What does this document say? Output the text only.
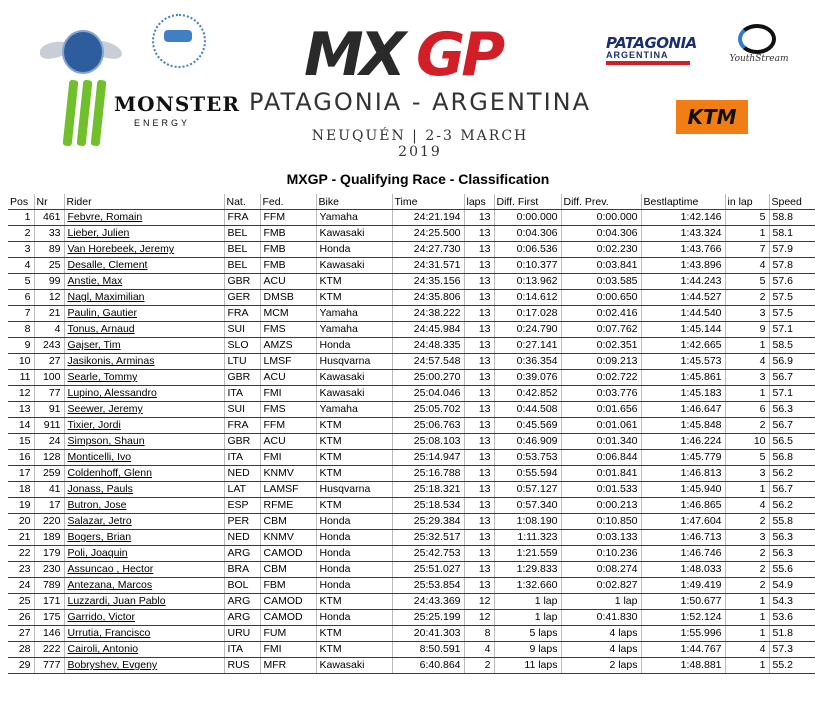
MONSTER
ENERGY
MX GP
PATAGONIA - ARGENTINA
NEUQUÉN | 2-3 MARCH 2019
PATAGONIA
ARGENTINA	YouthStream
KTM
MXGP - Qualifying Race - Classification
Pos	Nr	Rider	Nat.	Fed.	Bike	Time	laps	Diff. First	Diff. Prev.	Bestlaptime	in lap	Speed
1	461	Febvre, Romain	FRA	FFM	Yamaha	24:21.194	13	0:00.000	0:00.000	1:42.146	5	58.8
2	33	Lieber, Julien	BEL	FMB	Kawasaki	24:25.500	13	0:04.306	0:04.306	1:43.324	1	58.1
3	89	Van Horebeek, Jeremy	BEL	FMB	Honda	24:27.730	13	0:06.536	0:02.230	1:43.766	7	57.9
4	25	Desalle, Clement	BEL	FMB	Kawasaki	24:31.571	13	0:10.377	0:03.841	1:43.896	4	57.8
5	99	Anstie, Max	GBR	ACU	KTM	24:35.156	13	0:13.962	0:03.585	1:44.243	5	57.6
6	12	Nagl, Maximilian	GER	DMSB	KTM	24:35.806	13	0:14.612	0:00.650	1:44.527	2	57.5
7	21	Paulin, Gautier	FRA	MCM	Yamaha	24:38.222	13	0:17.028	0:02.416	1:44.540	3	57.5
8	4	Tonus, Arnaud	SUI	FMS	Yamaha	24:45.984	13	0:24.790	0:07.762	1:45.144	9	57.1
9	243	Gajser, Tim	SLO	AMZS	Honda	24:48.335	13	0:27.141	0:02.351	1:42.665	1	58.5
10	27	Jasikonis, Arminas	LTU	LMSF	Husqvarna	24:57.548	13	0:36.354	0:09.213	1:45.573	4	56.9
11	100	Searle, Tommy	GBR	ACU	Kawasaki	25:00.270	13	0:39.076	0:02.722	1:45.861	3	56.7
12	77	Lupino, Alessandro	ITA	FMI	Kawasaki	25:04.046	13	0:42.852	0:03.776	1:45.183	1	57.1
13	91	Seewer, Jeremy	SUI	FMS	Yamaha	25:05.702	13	0:44.508	0:01.656	1:46.647	6	56.3
14	911	Tixier, Jordi	FRA	FFM	KTM	25:06.763	13	0:45.569	0:01.061	1:45.848	2	56.7
15	24	Simpson, Shaun	GBR	ACU	KTM	25:08.103	13	0:46.909	0:01.340	1:46.224	10	56.5
16	128	Monticelli, Ivo	ITA	FMI	KTM	25:14.947	13	0:53.753	0:06.844	1:45.779	5	56.8
17	259	Coldenhoff, Glenn	NED	KNMV	KTM	25:16.788	13	0:55.594	0:01.841	1:46.813	3	56.2
18	41	Jonass, Pauls	LAT	LAMSF	Husqvarna	25:18.321	13	0:57.127	0:01.533	1:45.940	1	56.7
19	17	Butron, Jose	ESP	RFME	KTM	25:18.534	13	0:57.340	0:00.213	1:46.865	4	56.2
20	220	Salazar, Jetro	PER	CBM	Honda	25:29.384	13	1:08.190	0:10.850	1:47.604	2	55.8
21	189	Bogers, Brian	NED	KNMV	Honda	25:32.517	13	1:11.323	0:03.133	1:46.713	3	56.3
22	179	Poli, Joaquin	ARG	CAMOD	Honda	25:42.753	13	1:21.559	0:10.236	1:46.746	2	56.3
23	230	Assuncao , Hector	BRA	CBM	Honda	25:51.027	13	1:29.833	0:08.274	1:48.033	2	55.6
24	789	Antezana, Marcos	BOL	FBM	Honda	25:53.854	13	1:32.660	0:02.827	1:49.419	2	54.9
25	171	Luzzardi, Juan Pablo	ARG	CAMOD	KTM	24:43.369	12	1 lap	1 lap	1:50.677	1	54.3
26	175	Garrido, Victor	ARG	CAMOD	Honda	25:25.199	12	1 lap	0:41.830	1:52.124	1	53.6
27	146	Urrutia, Francisco	URU	FUM	KTM	20:41.303	8	5 laps	4 laps	1:55.996	1	51.8
28	222	Cairoli, Antonio	ITA	FMI	KTM	8:50.591	4	9 laps	4 laps	1:44.767	4	57.3
29	777	Bobryshev, Evgeny	RUS	MFR	Kawasaki	6:40.864	2	11 laps	2 laps	1:48.881	1	55.2
